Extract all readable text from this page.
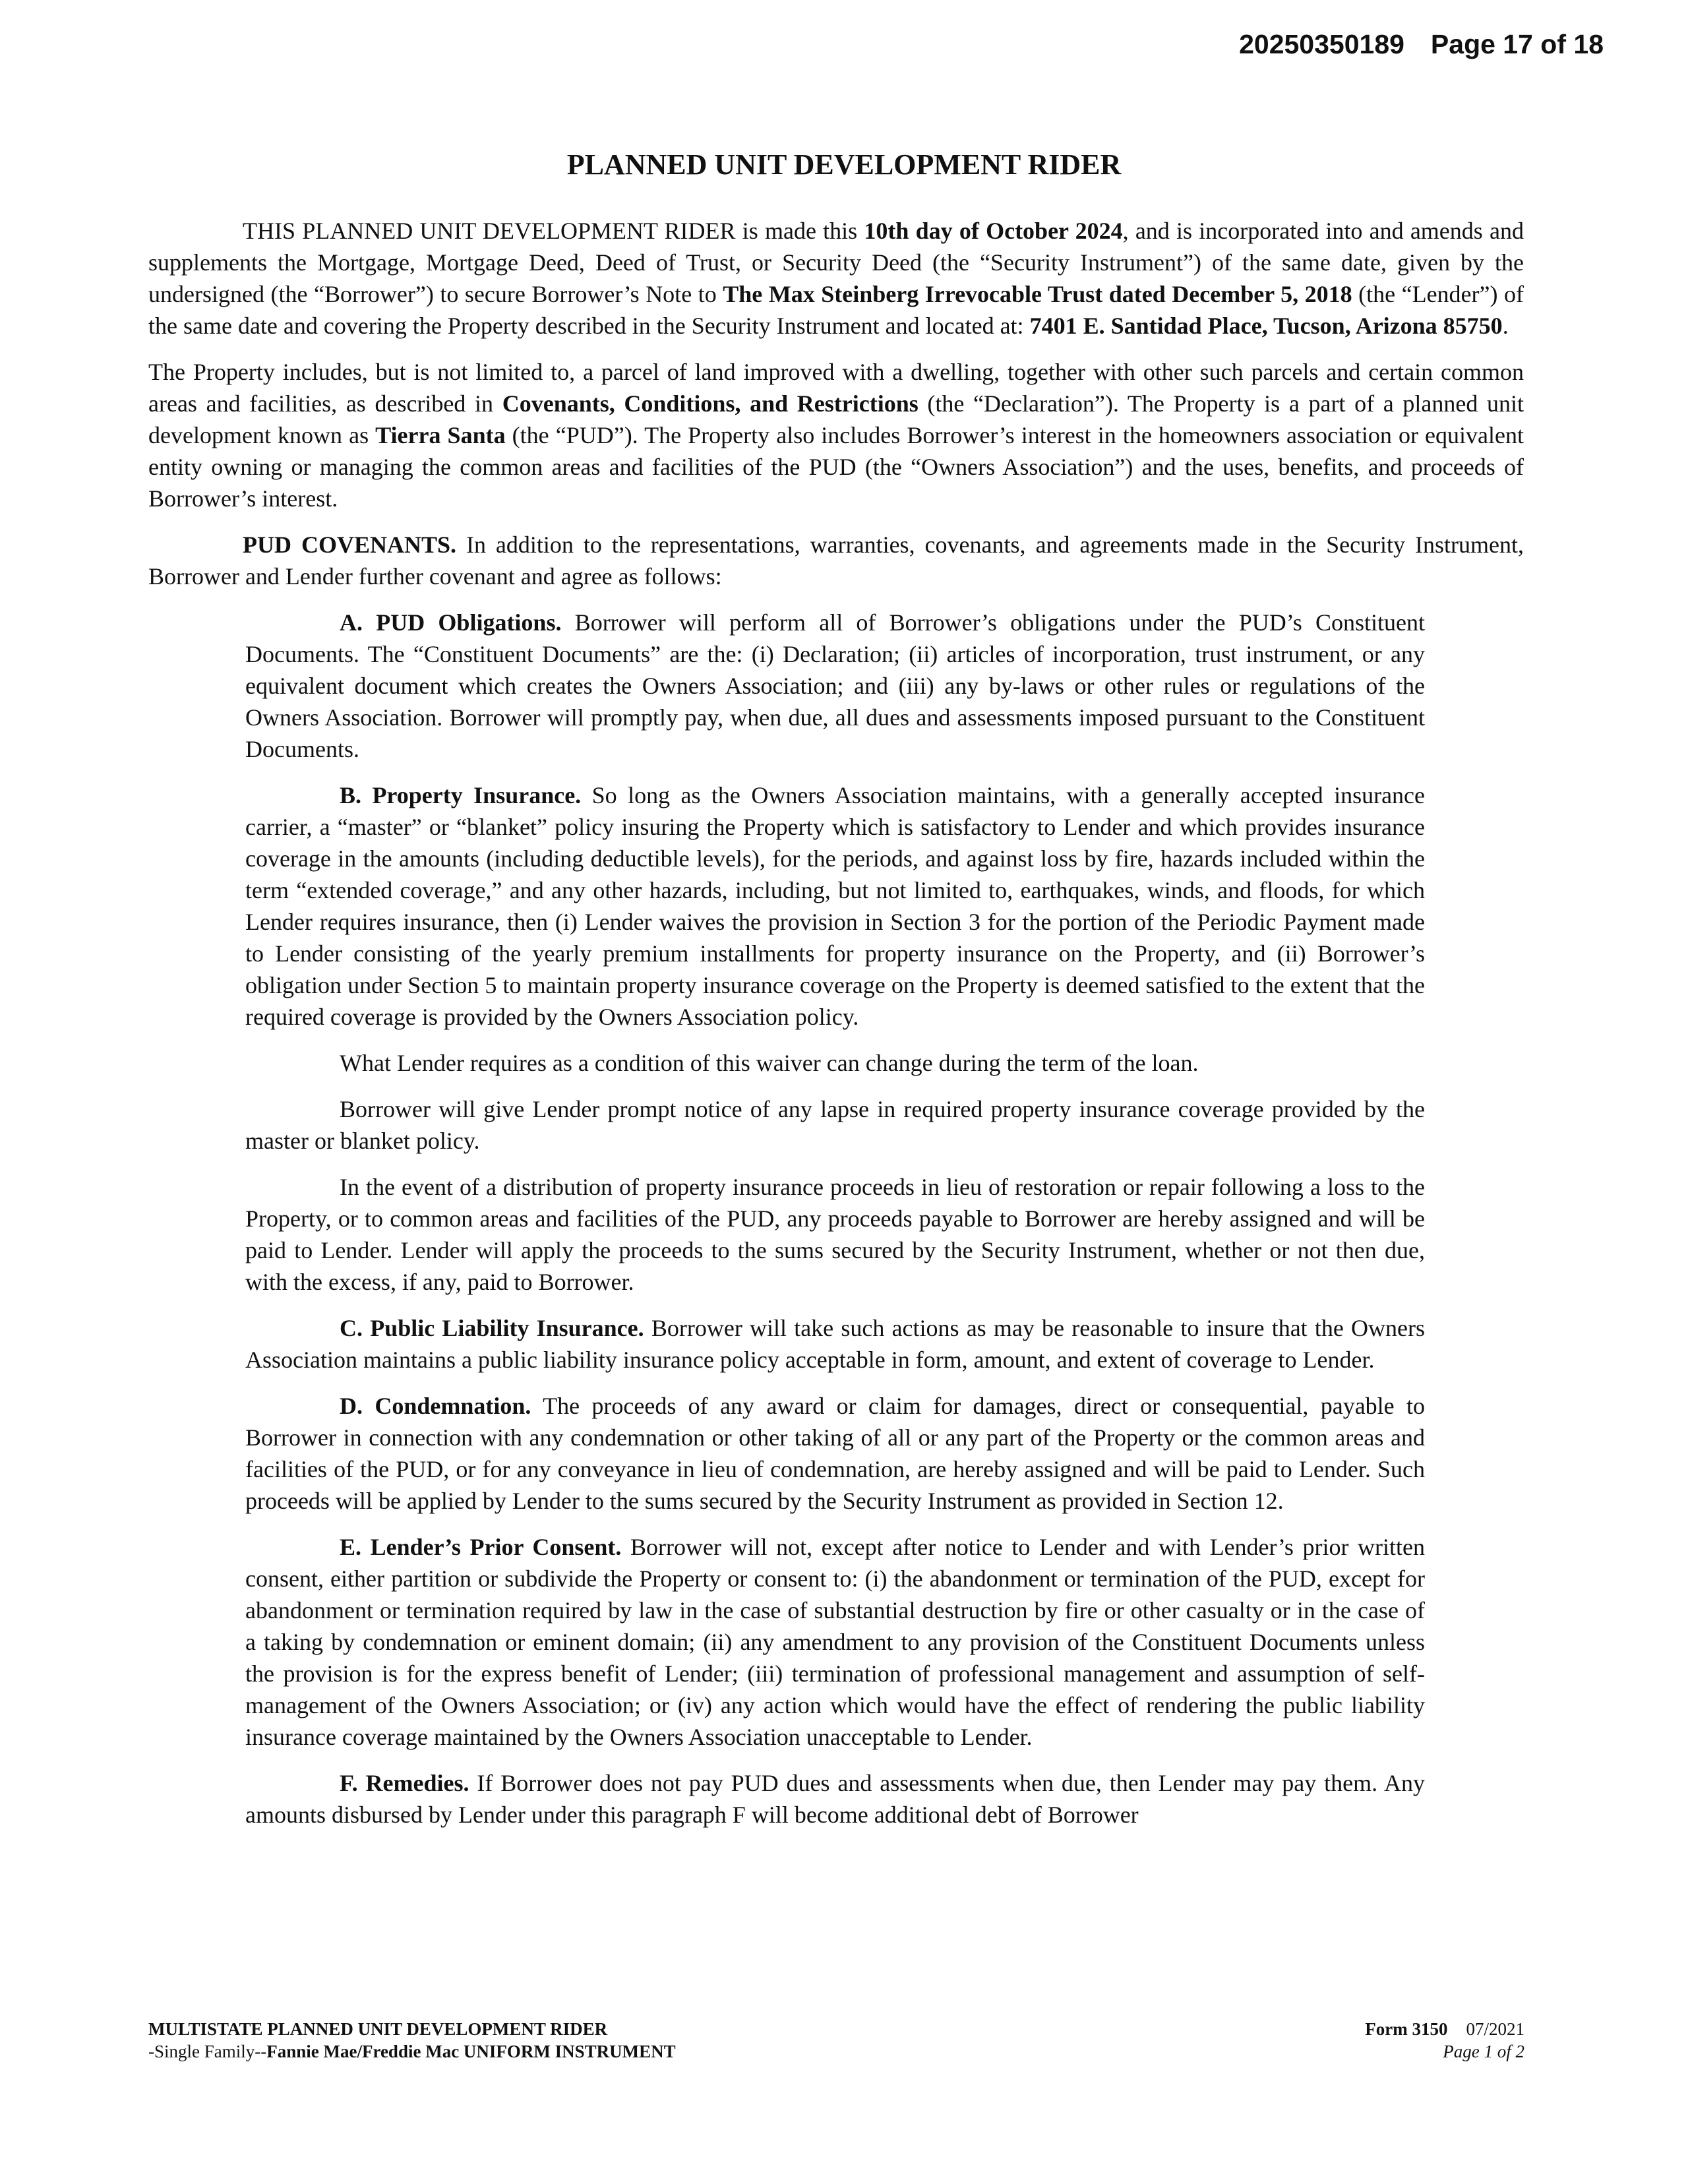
20250350189 Page 17 of 18
PLANNED UNIT DEVELOPMENT RIDER

THIS PLANNED UNIT DEVELOPMENT RIDER is made this 10th day of October 2024, and is incorporated into and amends and supplements the Mortgage, Mortgage Deed, Deed of Trust, or Security Deed (the “Security Instrument”) of the same date, given by the undersigned (the “Borrower”) to secure Borrower’s Note to The Max Steinberg Irrevocable Trust dated December 5, 2018 (the “Lender”) of the same date and covering the Property described in the Security Instrument and located at: 7401 E. Santidad Place, Tucson, Arizona 85750.

The Property includes, but is not limited to, a parcel of land improved with a dwelling, together with other such parcels and certain common areas and facilities, as described in Covenants, Conditions, and Restrictions (the “Declaration”). The Property is a part of a planned unit development known as Tierra Santa (the “PUD”). The Property also includes Borrower’s interest in the homeowners association or equivalent entity owning or managing the common areas and facilities of the PUD (the “Owners Association”) and the uses, benefits, and proceeds of Borrower’s interest.

PUD COVENANTS. In addition to the representations, warranties, covenants, and agreements made in the Security Instrument, Borrower and Lender further covenant and agree as follows:

A. PUD Obligations. Borrower will perform all of Borrower’s obligations under the PUD’s Constituent Documents. The “Constituent Documents” are the: (i) Declaration; (ii) articles of incorporation, trust instrument, or any equivalent document which creates the Owners Association; and (iii) any by-laws or other rules or regulations of the Owners Association. Borrower will promptly pay, when due, all dues and assessments imposed pursuant to the Constituent Documents.

B. Property Insurance. So long as the Owners Association maintains, with a generally accepted insurance carrier, a “master” or “blanket” policy insuring the Property which is satisfactory to Lender and which provides insurance coverage in the amounts (including deductible levels), for the periods, and against loss by fire, hazards included within the term “extended coverage,” and any other hazards, including, but not limited to, earthquakes, winds, and floods, for which Lender requires insurance, then (i) Lender waives the provision in Section 3 for the portion of the Periodic Payment made to Lender consisting of the yearly premium installments for property insurance on the Property, and (ii) Borrower’s obligation under Section 5 to maintain property insurance coverage on the Property is deemed satisfied to the extent that the required coverage is provided by the Owners Association policy.

What Lender requires as a condition of this waiver can change during the term of the loan.

Borrower will give Lender prompt notice of any lapse in required property insurance coverage provided by the master or blanket policy.

In the event of a distribution of property insurance proceeds in lieu of restoration or repair following a loss to the Property, or to common areas and facilities of the PUD, any proceeds payable to Borrower are hereby assigned and will be paid to Lender. Lender will apply the proceeds to the sums secured by the Security Instrument, whether or not then due, with the excess, if any, paid to Borrower.

C. Public Liability Insurance. Borrower will take such actions as may be reasonable to insure that the Owners Association maintains a public liability insurance policy acceptable in form, amount, and extent of coverage to Lender.

D. Condemnation. The proceeds of any award or claim for damages, direct or consequential, payable to Borrower in connection with any condemnation or other taking of all or any part of the Property or the common areas and facilities of the PUD, or for any conveyance in lieu of condemnation, are hereby assigned and will be paid to Lender. Such proceeds will be applied by Lender to the sums secured by the Security Instrument as provided in Section 12.

E. Lender’s Prior Consent. Borrower will not, except after notice to Lender and with Lender’s prior written consent, either partition or subdivide the Property or consent to: (i) the abandonment or termination of the PUD, except for abandonment or termination required by law in the case of substantial destruction by fire or other casualty or in the case of a taking by condemnation or eminent domain; (ii) any amendment to any provision of the Constituent Documents unless the provision is for the express benefit of Lender; (iii) termination of professional management and assumption of self-management of the Owners Association; or (iv) any action which would have the effect of rendering the public liability insurance coverage maintained by the Owners Association unacceptable to Lender.

F. Remedies. If Borrower does not pay PUD dues and assessments when due, then Lender may pay them. Any amounts disbursed by Lender under this paragraph F will become additional debt of Borrower

MULTISTATE PLANNED UNIT DEVELOPMENT RIDER
-Single Family--Fannie Mae/Freddie Mac UNIFORM INSTRUMENT
Form 3150 07/2021
Page 1 of 2
